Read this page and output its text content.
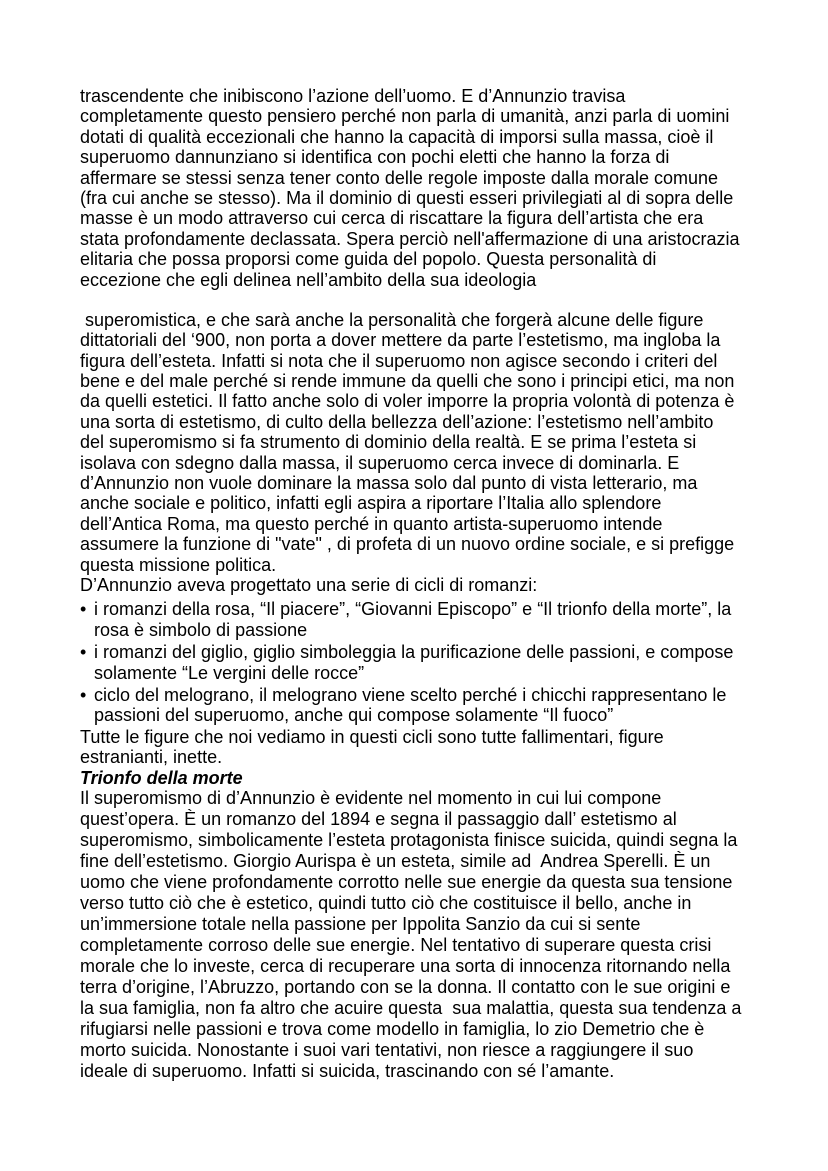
trascendente che inibiscono l’azione dell’uomo. E d’Annunzio travisa
completamente questo pensiero perché non parla di umanità, anzi parla di uomini
dotati di qualità eccezionali che hanno la capacità di imporsi sulla massa, cioè il
superuomo dannunziano si identifica con pochi eletti che hanno la forza di
affermare se stessi senza tener conto delle regole imposte dalla morale comune
(fra cui anche se stesso). Ma il dominio di questi esseri privilegiati al di sopra delle
masse è un modo attraverso cui cerca di riscattare la figura dell’artista che era
stata profondamente declassata. Spera perciò nell'affermazione di una aristocrazia
elitaria che possa proporsi come guida del popolo. Questa personalità di
eccezione che egli delinea nell’ambito della sua ideologia
superomistica, e che sarà anche la personalità che forgerà alcune delle figure
dittatoriali del ‘900, non porta a dover mettere da parte l’estetismo, ma ingloba la
figura dell’esteta. Infatti si nota che il superuomo non agisce secondo i criteri del
bene e del male perché si rende immune da quelli che sono i principi etici, ma non
da quelli estetici. Il fatto anche solo di voler imporre la propria volontà di potenza è
una sorta di estetismo, di culto della bellezza dell’azione: l’estetismo nell’ambito
del superomismo si fa strumento di dominio della realtà. E se prima l’esteta si
isolava con sdegno dalla massa, il superuomo cerca invece di dominarla. E
d’Annunzio non vuole dominare la massa solo dal punto di vista letterario, ma
anche sociale e politico, infatti egli aspira a riportare l’Italia allo splendore
dell’Antica Roma, ma questo perché in quanto artista-superuomo intende
assumere la funzione di "vate" , di profeta di un nuovo ordine sociale, e si prefigge
questa missione politica.
D’Annunzio aveva progettato una serie di cicli di romanzi:
• i romanzi della rosa, “Il piacere”, “Giovanni Episcopo” e “Il trionfo della morte”, la
rosa è simbolo di passione
• i romanzi del giglio, giglio simboleggia la purificazione delle passioni, e compose
solamente “Le vergini delle rocce”
• ciclo del melograno, il melograno viene scelto perché i chicchi rappresentano le
passioni del superuomo, anche qui compose solamente “Il fuoco”
Tutte le figure che noi vediamo in questi cicli sono tutte fallimentari, figure
estranianti, inette.
Trionfo della morte
Il superomismo di d’Annunzio è evidente nel momento in cui lui compone
quest’opera. È un romanzo del 1894 e segna il passaggio dall’ estetismo al
superomismo, simbolicamente l’esteta protagonista finisce suicida, quindi segna la
fine dell’estetismo. Giorgio Aurispa è un esteta, simile ad  Andrea Sperelli. È un
uomo che viene profondamente corrotto nelle sue energie da questa sua tensione
verso tutto ciò che è estetico, quindi tutto ciò che costituisce il bello, anche in
un’immersione totale nella passione per Ippolita Sanzio da cui si sente
completamente corroso delle sue energie. Nel tentativo di superare questa crisi
morale che lo investe, cerca di recuperare una sorta di innocenza ritornando nella
terra d’origine, l’Abruzzo, portando con se la donna. Il contatto con le sue origini e
la sua famiglia, non fa altro che acuire questa  sua malattia, questa sua tendenza a
rifugiarsi nelle passioni e trova come modello in famiglia, lo zio Demetrio che è
morto suicida. Nonostante i suoi vari tentativi, non riesce a raggiungere il suo
ideale di superuomo. Infatti si suicida, trascinando con sé l’amante.
